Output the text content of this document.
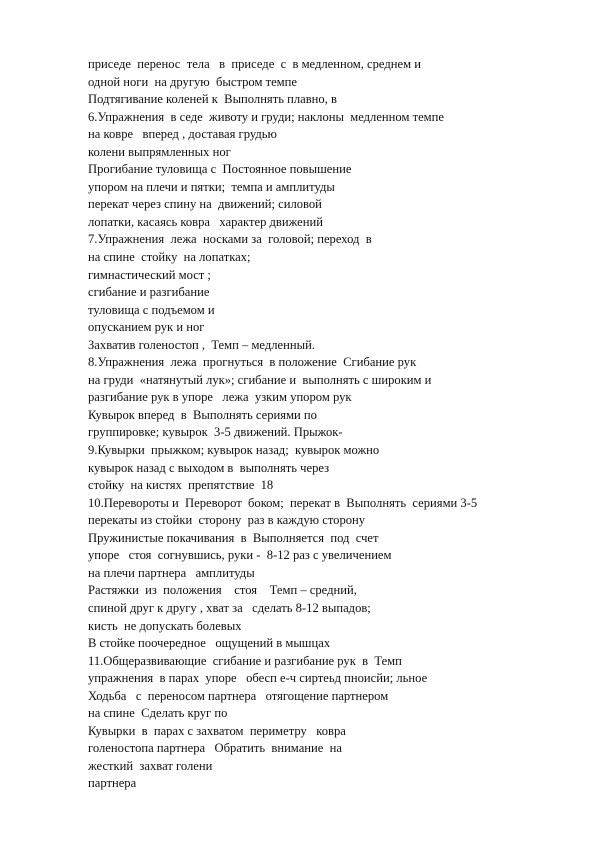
приседе  перенос  тела   в  приседе  с  в медленном, среднем и
одной ноги  на другую  быстром темпе
Подтягивание коленей к  Выполнять плавно, в
6.Упражнения  в седе  животу и груди; наклоны  медленном темпе
на ковре   вперед , доставая грудью
колени выпрямленных ног
Прогибание туловища с  Постоянное повышение
упором на плечи и пятки;  темпа и амплитуды
перекат через спину на  движений; силовой
лопатки, касаясь ковра   характер движений
7.Упражнения  лежа  носками за  головой; переход  в
на спине  стойку  на лопатках;
гимнастический мост ;
сгибание и разгибание
туловища с подъемом и
опусканием рук и ног
Захватив голеностоп ,  Темп – медленный.
8.Упражнения  лежа  прогнуться  в положение  Сгибание рук
на груди  «натянутый лук»; сгибание и  выполнять с широким и
разгибание рук в упоре   лежа  узким упором рук
Кувырок вперед  в  Выполнять сериями по
группировке; кувырок  3-5 движений. Прыжок-
9.Кувырки  прыжком; кувырок назад;  кувырок можно
кувырок назад с выходом в  выполнять через
стойку  на кистях  препятствие  18
10.Перевороты и  Переворот  боком;  перекат в  Выполнять  сериями 3-5
перекаты из стойки  сторону  раз в каждую сторону
Пружинистые покачивания  в  Выполняется  под  счет
упоре   стоя  согнувшись, руки -  8-12 раз с увеличением
на плечи партнера   амплитуды
Растяжки  из  положения    стоя    Темп – средний,
спиной друг к другу , хват за   сделать 8-12 выпадов;
кисть  не допускать болевых
В стойке поочередное   ощущений в мышцах
11.Общеразвивающие  сгибание и разгибание рук  в  Темп
упражнения  в парах  упоре   обесп е-ч сиртеьд пноисйи; льное
Ходьба   с  переносом партнера   от​ягощение партнером
на спине  Сделать круг по
Кувырки  в  парах с захватом  периметру   ковра
голеностопа партнера   Обратить  внимание  на
жесткий  захват голени
партнера
